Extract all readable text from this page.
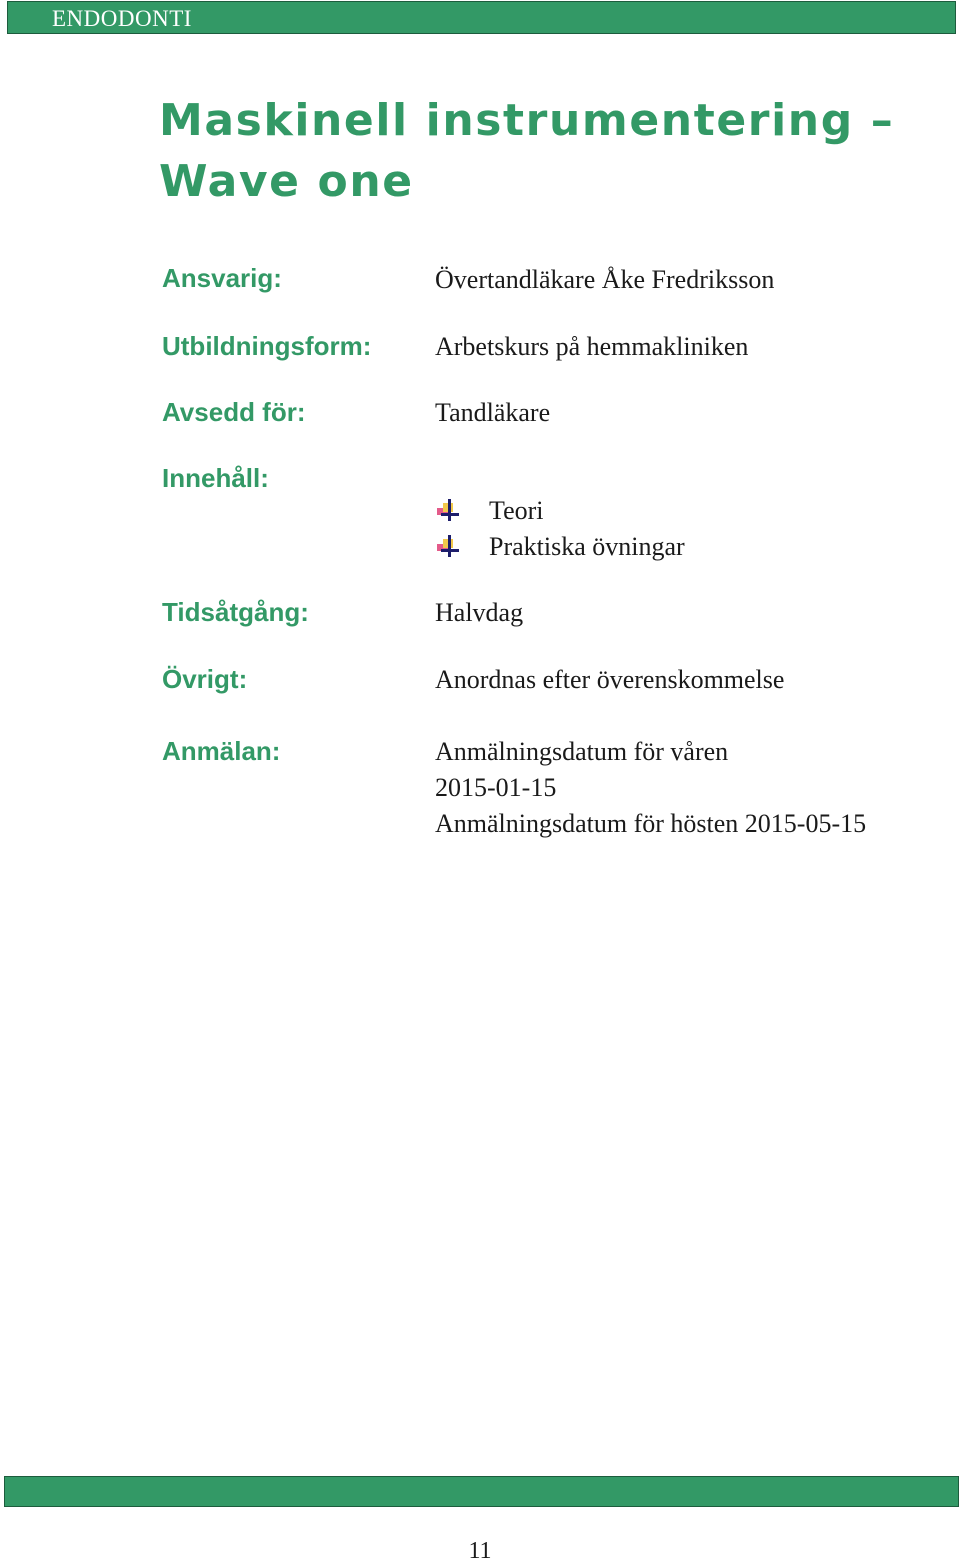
ENDODONTI
Maskinell instrumentering –
Wave one
Ansvarig:	Övertandläkare Åke Fredriksson
Utbildningsform: Arbetskurs på hemmakliniken
Avsedd för:	Tandläkare
Innehåll:
Teori
Praktiska övningar
Tidsåtgång:	Halvdag
Övrigt:	Anordnas efter överenskommelse
Anmälan:	Anmälningsdatum för våren
2015-01-15
Anmälningsdatum för hösten 2015-05-15
11
